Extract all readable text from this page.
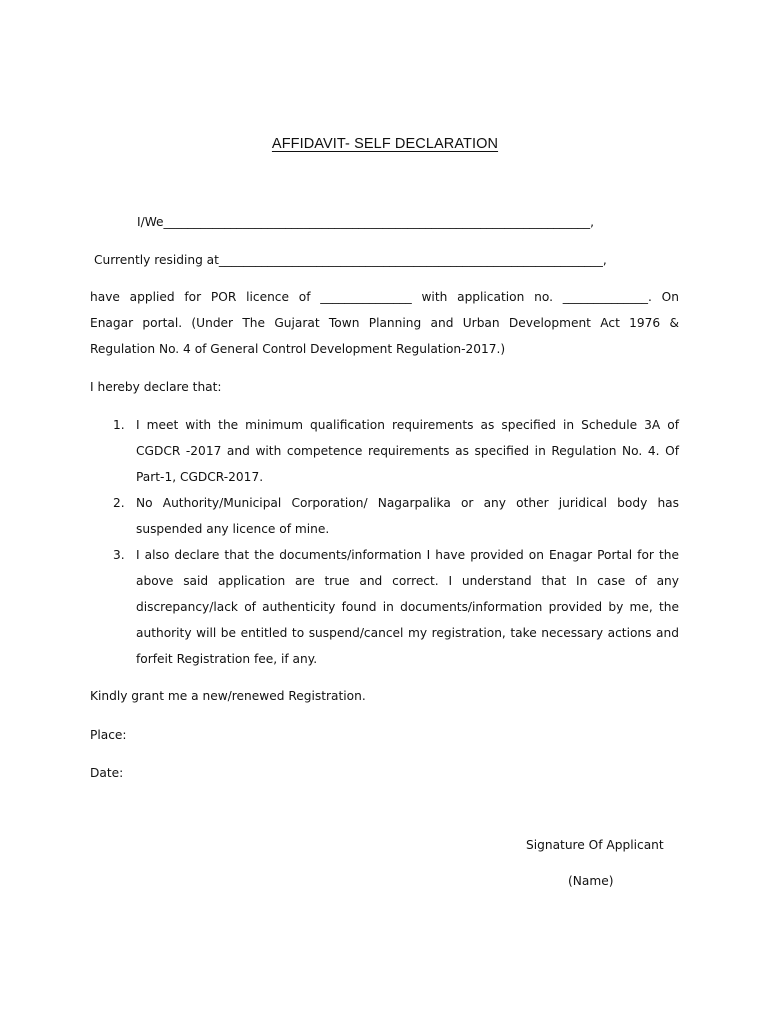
AFFIDAVIT- SELF DECLARATION
I/We______________________________________________________________________,
Currently residing at_______________________________________________________________,
have applied for POR licence of _______________ with application no. ______________. On
Enagar portal. (Under The Gujarat Town Planning and Urban Development Act 1976 &
Regulation No. 4 of General Control Development Regulation-2017.)
I hereby declare that:
1. I meet with the minimum qualification requirements as specified in Schedule 3A of
CGDCR -2017 and with competence requirements as specified in Regulation No. 4. Of
Part-1, CGDCR-2017.
2. No Authority/Municipal Corporation/ Nagarpalika or any other juridical body has
suspended any licence of mine.
3. I also declare that the documents/information I have provided on Enagar Portal for the
above said application are true and correct. I understand that In case of any
discrepancy/lack of authenticity found in documents/information provided by me, the
authority will be entitled to suspend/cancel my registration, take necessary actions and
forfeit Registration fee, if any.
Kindly grant me a new/renewed Registration.
Place:
Date:
Signature Of Applicant
(Name)
